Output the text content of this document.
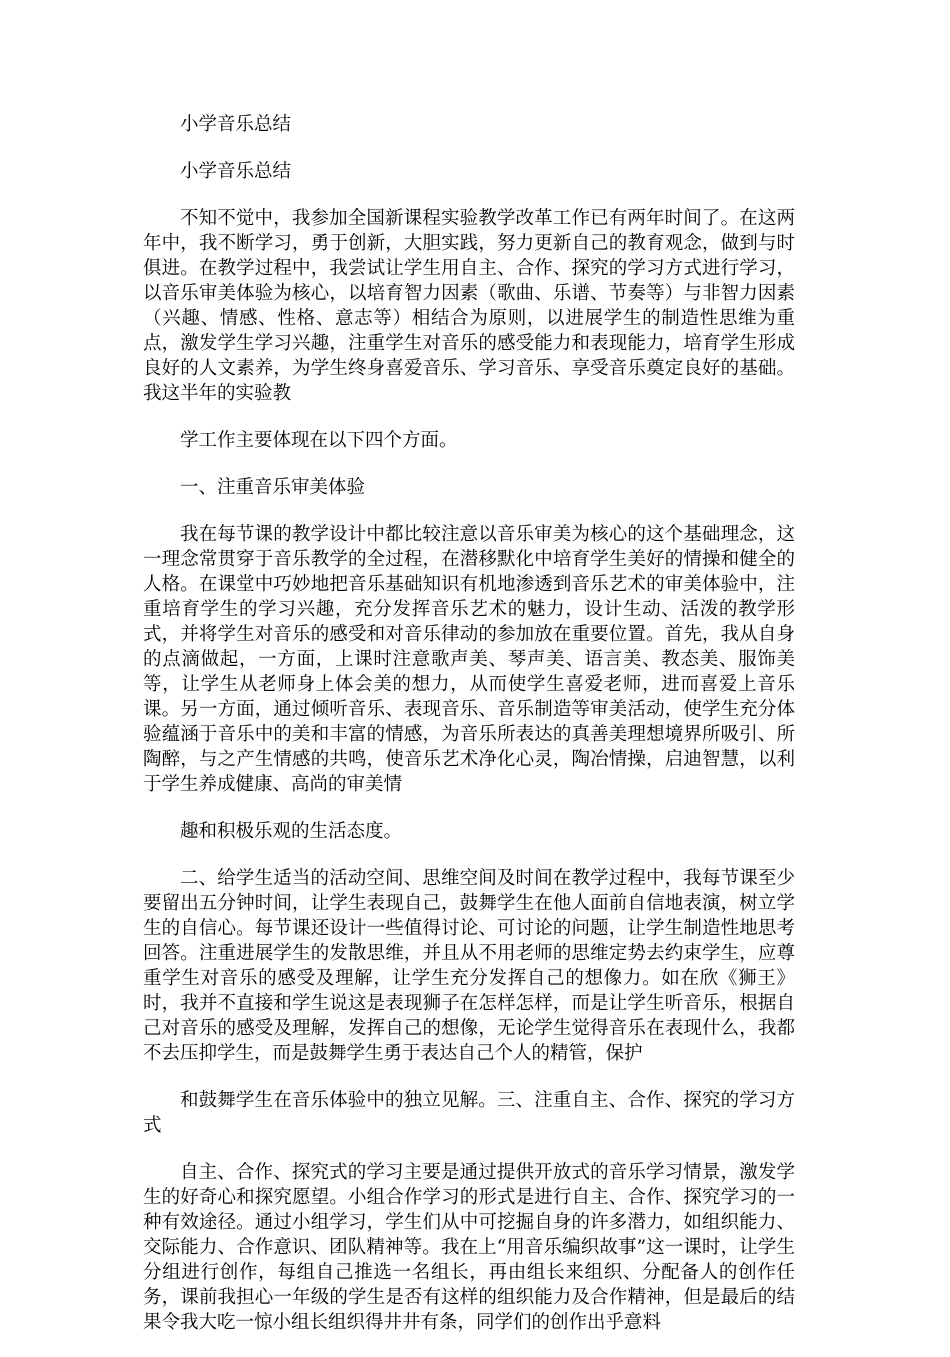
小学音乐总结

小学音乐总结

不知不觉中，我参加全国新课程实验教学改革工作已有两年时间了。在这两年中，我不断学习，勇于创新，大胆实践，努力更新自己的教育观念，做到与时俱进。在教学过程中，我尝试让学生用自主、合作、探究的学习方式进行学习，以音乐审美体验为核心，以培育智力因素（歌曲、乐谱、节奏等）与非智力因素（兴趣、情感、性格、意志等）相结合为原则，以进展学生的制造性思维为重点，激发学生学习兴趣，注重学生对音乐的感受能力和表现能力，培育学生形成良好的人文素养，为学生终身喜爱音乐、学习音乐、享受音乐奠定良好的基础。我这半年的实验教

学工作主要体现在以下四个方面。

一、注重音乐审美体验

我在每节课的教学设计中都比较注意以音乐审美为核心的这个基础理念，这一理念常贯穿于音乐教学的全过程，在潜移默化中培育学生美好的情操和健全的人格。在课堂中巧妙地把音乐基础知识有机地渗透到音乐艺术的审美体验中，注重培育学生的学习兴趣，充分发挥音乐艺术的魅力，设计生动、活泼的教学形式，并将学生对音乐的感受和对音乐律动的参加放在重要位置。首先，我从自身的点滴做起，一方面，上课时注意歌声美、琴声美、语言美、教态美、服饰美等，让学生从老师身上体会美的想力，从而使学生喜爱老师，进而喜爱上音乐课。另一方面，通过倾听音乐、表现音乐、音乐制造等审美活动，使学生充分体验蕴涵于音乐中的美和丰富的情感，为音乐所表达的真善美理想境界所吸引、所陶醉，与之产生情感的共鸣，使音乐艺术净化心灵，陶冶情操，启迪智慧，以利于学生养成健康、高尚的审美情

趣和积极乐观的生活态度。

二、给学生适当的活动空间、思维空间及时间在教学过程中，我每节课至少要留出五分钟时间，让学生表现自己，鼓舞学生在他人面前自信地表演，树立学生的自信心。每节课还设计一些值得讨论、可讨论的问题，让学生制造性地思考回答。注重进展学生的发散思维，并且从不用老师的思维定势去约束学生，应尊重学生对音乐的感受及理解，让学生充分发挥自己的想像力。如在欣《狮王》时，我并不直接和学生说这是表现狮子在怎样怎样，而是让学生听音乐，根据自己对音乐的感受及理解，发挥自己的想像，无论学生觉得音乐在表现什么，我都不去压抑学生，而是鼓舞学生勇于表达自己个人的精管，保护

和鼓舞学生在音乐体验中的独立见解。三、注重自主、合作、探究的学习方式

自主、合作、探究式的学习主要是通过提供开放式的音乐学习情景，激发学生的好奇心和探究愿望。小组合作学习的形式是进行自主、合作、探究学习的一种有效途径。通过小组学习，学生们从中可挖掘自身的许多潜力，如组织能力、交际能力、合作意识、团队精神等。我在上“用音乐编织故事”这一课时，让学生分组进行创作，每组自己推选一名组长，再由组长来组织、分配备人的创作任务，课前我担心一年级的学生是否有这样的组织能力及合作精神，但是最后的结果令我大吃一惊小组长组织得井井有条，同学们的创作出乎意料
